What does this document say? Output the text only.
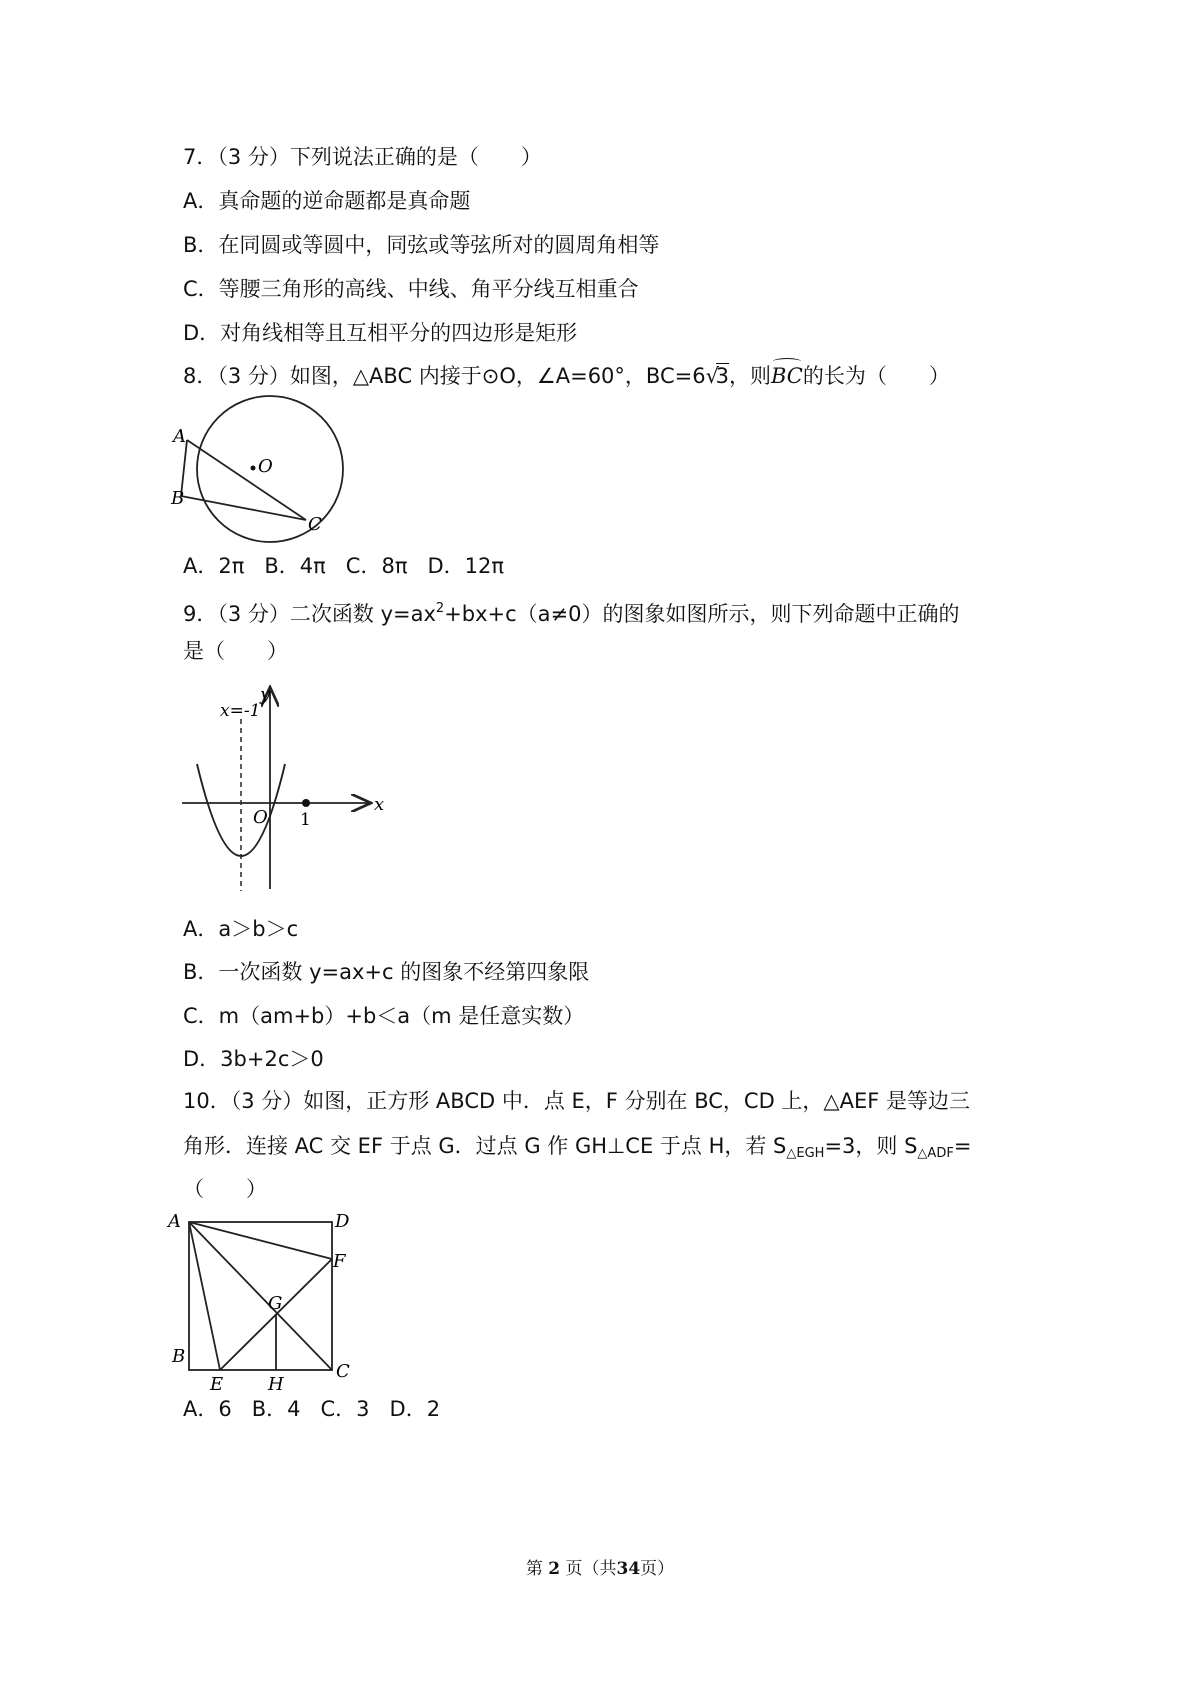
7．（3 分）下列说法正确的是（　　）
A．真命题的逆命题都是真命题
B．在同圆或等圆中，同弦或等弦所对的圆周角相等
C．等腰三角形的高线、中线、角平分线互相重合
D．对角线相等且互相平分的四边形是矩形
8．（3 分）如图，△ABC 内接于⊙O，∠A=60°，BC=6 √
3，则
BC的长为（　　）
A
B
C
O
A．2π B．4π C．8π D．12π
9．（3 分）二次函数 $y=ax^2+bx+c(a\ne 0)$的图象如图所示，则下列命题中正确的
是（　　）
y
x
O 1
x=-1
A．a＞b＞c
B．一次函数 y=ax+c 的图象不经第四象限
C．m（am+b）+b＜a（m 是任意实数）
D．3b+2c＞0
10．（3 分）如图，正方形 ABCD 中．点 E，F 分别在 BC，CD 上，△AEF 是等边三
角形．连接 AC 交 EF 于点 G．过点 G 作 GH⊥CE 于点 H，若 $S_{\triangle EGH}=3$，则 $S_{\triangle ADF}=$
（　　）
A	D
F
G
B
E H
C
A．6 B．4 C．3 D．2
第 2 页（共34页）
